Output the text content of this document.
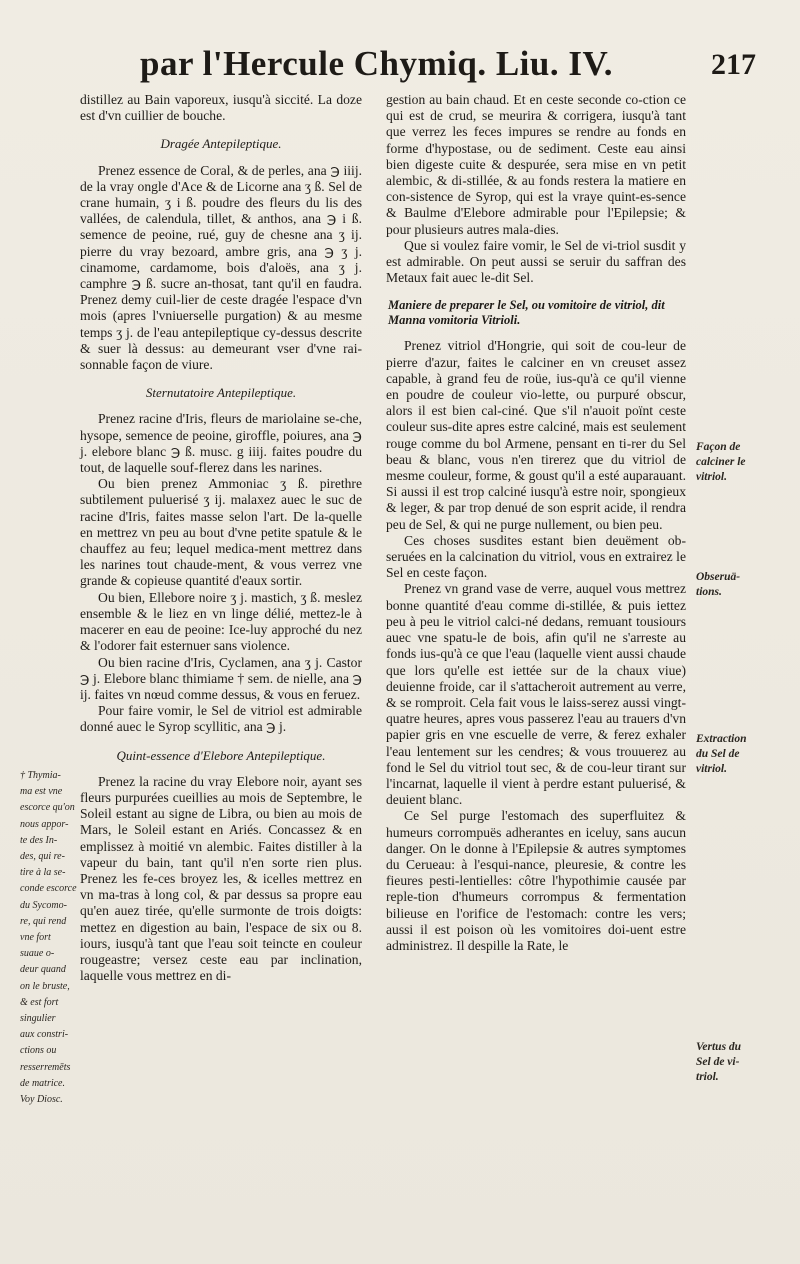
par l'Hercule Chymiq. Liu. IV.	217

distillez au Bain vaporeux, iusqu'à siccité. La doze est d'vn cuillier de bouche.

Dragée Antepileptique.

Prenez essence de Coral, & de perles, ana ℈ iiij. de la vray ongle d'Ace & de Licorne ana ʒ ß. Sel de crane humain, ʒ i ß. poudre des fleurs du lis des vallées, de calendula, tillet, & anthos, ana ℈ i ß. semence de peoine, rué, guy de chesne ana ʒ ij. pierre du vray bezoard, ambre gris, ana ℈ ʒ j. cinamome, cardamome, bois d'aloës, ana ʒ j. camphre ℈ ß. sucre an-thosat, tant qu'il en faudra. Prenez demy cuil-lier de ceste dragée l'espace d'vn mois (apres l'vniuerselle purgation) & au mesme temps ʒ j. de l'eau antepileptique cy-dessus descrite & suer là dessus: au demeurant vser d'vne rai-sonnable façon de viure.

Sternutatoire Antepileptique.

Prenez racine d'Iris, fleurs de mariolaine se-che, hysope, semence de peoine, giroffle, poiures, ana ℈ j. elebore blanc ℈ ß. musc. g iiij. faites poudre du tout, de laquelle souf-flerez dans les narines.

Ou bien prenez Ammoniac ʒ ß. pirethre subtilement puluerisé ʒ ij. malaxez auec le suc de racine d'Iris, faites masse selon l'art. De la-quelle en mettrez vn peu au bout d'vne petite spatule & le chauffez au feu; lequel medica-ment mettrez dans les narines tout chaude-ment, & vous verrez vne grande & copieuse quantité d'eaux sortir.

Ou bien, Ellebore noire ʒ j. mastich, ʒ ß. meslez ensemble & le liez en vn linge délié, mettez-le à macerer en eau de peoine: Ice-luy approché du nez & l'odorer fait esternuer sans violence.

Ou bien racine d'Iris, Cyclamen, ana ʒ j. Castor ℈ j. Elebore blanc thimiame † sem. de nielle, ana ℈ ij. faites vn nœud comme dessus, & vous en feruez.

Pour faire vomir, le Sel de vitriol est admirable donné auec le Syrop scyllitic, ana ℈ j.

Quint-essence d'Elebore Antepileptique.

Prenez la racine du vray Elebore noir, ayant ses fleurs purpurées cueillies au mois de Septembre, le Soleil estant au signe de Libra, ou bien au mois de Mars, le Soleil estant en Ariés. Concassez & en emplissez à moitié vn alembic. Faites distiller à la vapeur du bain, tant qu'il n'en sorte rien plus. Prenez les fe-ces broyez les, & icelles mettrez en vn ma-tras à long col, & par dessus sa propre eau qu'en auez tirée, qu'elle surmonte de trois doigts: mettez en digestion au bain, l'espace de six ou 8. iours, iusqu'à tant que l'eau soit teincte en couleur rougeastre; versez ceste eau par inclination, laquelle vous mettrez en di-

† Thymia-
ma est vne
escorce qu'on
nous appor-
te des In-
des, qui re-
tire à la se-
conde escorce
du Sycomo-
re, qui rend
vne fort
suaue o-
deur quand
on le bruste,
& est fort
singulier
aux constri-
ctions ou
resserremēts
de matrice.
Voy Diosc.

gestion au bain chaud. Et en ceste seconde co-ction ce qui est de crud, se meurira & corrigera, iusqu'à tant que verrez les feces impures se rendre au fonds en forme d'hypostase, ou de sediment. Ceste eau ainsi bien digeste cuite & despurée, sera mise en vn petit alembic, & di-stillée, & au fonds restera la matiere en con-sistence de Syrop, qui est la vraye quint-es-sence & Baulme d'Elebore admirable pour l'Epilepsie; & pour plusieurs autres mala-dies.

Que si voulez faire vomir, le Sel de vi-triol susdit y est admirable. On peut aussi se seruir du saffran des Metaux fait auec le-dit Sel.

Maniere de preparer le Sel, ou vomitoire de vitriol, dit Manna vomitoria Vitrioli.

Prenez vitriol d'Hongrie, qui soit de cou-leur de pierre d'azur, faites le calciner en vn creuset assez capable, à grand feu de roüe, ius-qu'à ce qu'il vienne en poudre de couleur vio-lette, ou purpuré obscur, alors il est bien cal-ciné. Que s'il n'auoit poïnt ceste couleur sus-dite apres estre calciné, mais est seulement rouge comme du bol Armene, pensant en ti-rer du Sel beau & blanc, vous n'en tirerez que du vitriol de mesme couleur, forme, & goust qu'il a esté auparauant. Si aussi il est trop calciné iusqu'à estre noir, spongieux & leger, & par trop denué de son esprit acide, il rendra peu de Sel, & qui ne purge nullement, ou bien peu.

Ces choses susdites estant bien deuëment ob-seruées en la calcination du vitriol, vous en extrairez le Sel en ceste façon.

Prenez vn grand vase de verre, auquel vous mettrez bonne quantité d'eau comme di-stillée, & puis iettez peu à peu le vitriol calci-né dedans, remuant tousiours auec vne spatu-le de bois, afin qu'il ne s'arreste au fonds ius-qu'à ce que l'eau (laquelle vient aussi chaude que lors qu'elle est iettée sur de la chaux viue) deuienne froide, car il s'attacheroit autrement au verre, & se romproit. Cela fait vous le laiss-serez aussi vingt-quatre heures, apres vous passerez l'eau au trauers d'vn papier gris en vne escuelle de verre, & ferez exhaler l'eau lentement sur les cendres; & vous trouuerez au fond le Sel du vitriol tout sec, & de cou-leur tirant sur l'incarnat, laquelle il vient à perdre estant puluerisé, & deuient blanc.

Ce Sel purge l'estomach des superfluitez & humeurs corrompuës adherantes en iceluy, sans aucun danger. On le donne à l'Epilepsie & autres symptomes du Cerueau: à l'esqui-nance, pleuresie, & contre les fieures pesti-lentielles: côtre l'hypothimie causée par reple-tion d'humeurs corrompus & fermentation bilieuse en l'orifice de l'estomach: contre les vers; aussi il est poison où les vomitoires doi-uent estre administrez. Il despille la Rate, le

Façon de
calciner le
vitriol.
Obseruä-
tions.
Extraction
du Sel de
vitriol.
Vertus du
Sel de vi-
triol.
